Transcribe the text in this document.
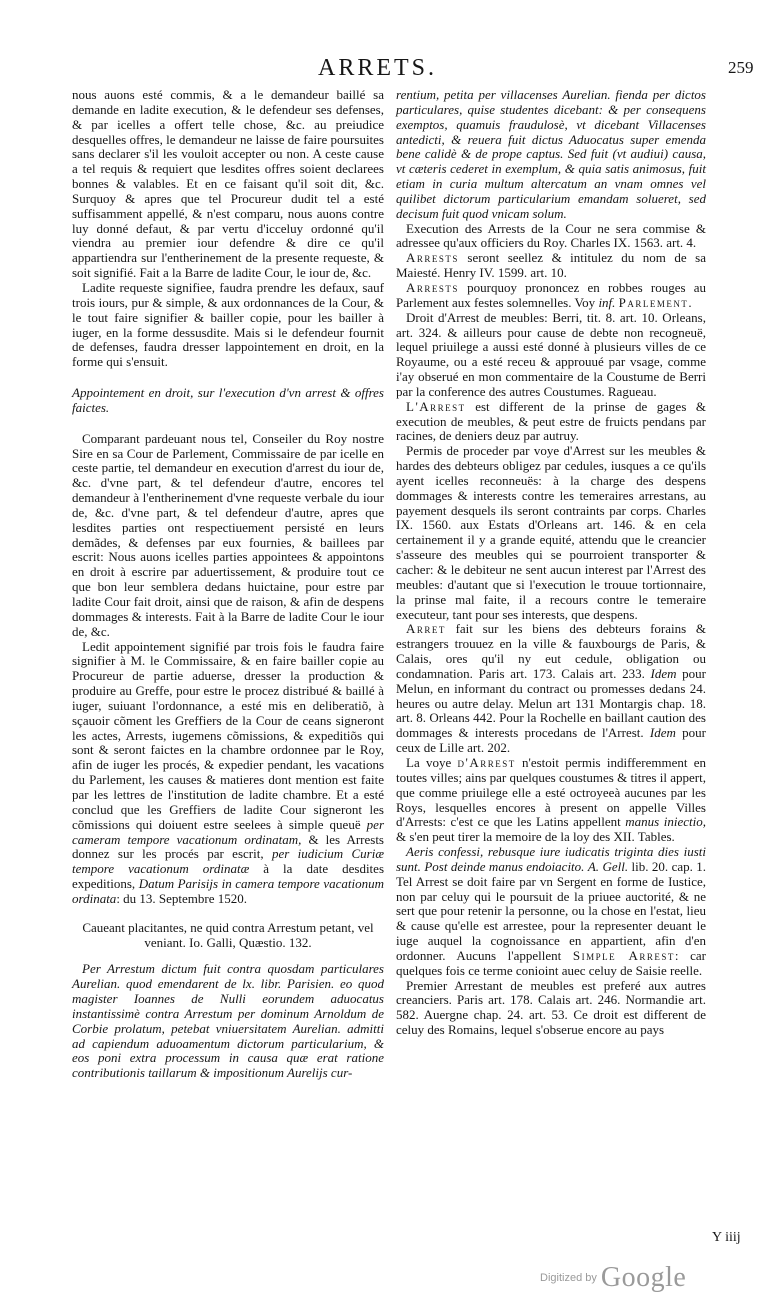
ARRETS.	259

nous auons esté commis, & a le demandeur baillé sa demande en ladite execution, & le defendeur ses defenses, & par icelles a offert telle chose, &c. au preiudice desquelles offres, le demandeur ne laisse de faire poursuites sans declarer s'il les vouloit accepter ou non. A ceste cause a tel requis & requiert que lesdites offres soient declarees bonnes & valables. Et en ce faisant qu'il soit dit, &c. Surquoy & apres que tel Procureur dudit tel a esté suffisamment appellé, & n'est comparu, nous auons contre luy donné defaut, & par vertu d'icceluy ordonné qu'il viendra au premier iour defendre & dire ce qu'il appartiendra sur l'entherinement de la presente requeste, & soit signifié. Fait a la Barre de ladite Cour, le iour de, &c.

Ladite requeste signifiee, faudra prendre les defaux, sauf trois iours, pur & simple, & aux ordonnances de la Cour, & le tout faire signifier & bailler copie, pour les bailler à iuger, en la forme dessusdite. Mais si le defendeur fournit de defenses, faudra dresser lappointement en droit, en la forme qui s'ensuit.

Appointement en droit, sur l'execution d'vn arrest & offres faictes.

Comparant pardeuant nous tel, Conseiler du Roy nostre Sire en sa Cour de Parlement, Commissaire de par icelle en ceste partie, tel demandeur en execution d'arrest du iour de, &c. d'vne part, & tel defendeur d'autre, encores tel demandeur à l'entherinement d'vne requeste verbale du iour de, &c. d'vne part, & tel defendeur d'autre, apres que lesdites parties ont respectiuement persisté en leurs demãdes, & defenses par eux fournies, & baillees par escrit: Nous auons icelles parties appointees & appointons en droit à escrire par aduertissement, & produire tout ce que bon leur semblera dedans huictaine, pour estre par ladite Cour fait droit, ainsi que de raison, & afin de despens dommages & interests. Fait à la Barre de ladite Cour le iour de, &c.

Ledit appointement signifié par trois fois le faudra faire signifier à M. le Commissaire, & en faire bailler copie au Procureur de partie aduerse, dresser la production & produire au Greffe, pour estre le procez distribué & baillé à iuger, suiuant l'ordonnance, a esté mis en deliberatiõ, à sçauoir cõment les Greffiers de la Cour de ceans signeront les actes, Arrests, iugemens cõmissions, & expeditiõs qui sont & seront faictes en la chambre ordonnee par le Roy, afin de iuger les procés, & expedier pendant, les vacations du Parlement, les causes & matieres dont mention est faite par les lettres de l'institution de ladite chambre. Et a esté conclud que les Greffiers de ladite Cour signeront les cõmissions qui doiuent estre seelees à simple queuë per cameram tempore vacationum ordinatam, & les Arrests donnez sur les procés par escrit, per iudicium Curiæ tempore vacationum ordinatæ à la date desdites expeditions, Datum Parisijs in camera tempore vacationum ordinata: du 13. Septembre 1520.

Caueant placitantes, ne quid contra Arrestum petant, vel veniant. Io. Galli, Quæstio. 132.

Per Arrestum dictum fuit contra quosdam particulares Aurelian. quod emendarent de lx. libr. Parisien. eo quod magister Ioannes de Nulli eorundem aduocatus instantissimè contra Arrestum per dominum Arnoldum de Corbie prolatum, petebat vniuersitatem Aurelian. admitti ad capiendum aduoamentum dictorum particularium, & eos poni extra processum in causa quæ erat ratione contributionis taillarum & impositionum Aurelijs cur-

rentium, petita per villacenses Aurelian. fienda per dictos particulares, quise studentes dicebant: & per consequens exemptos, quamuis fraudulosè, vt dicebant Villacenses antedicti, & reuera fuit dictus Aduocatus super emenda bene calidè & de prope captus. Sed fuit (vt audiui) causa, vt cæteris cederet in exemplum, & quia satis animosus, fuit etiam in curia multum altercatum an vnam omnes vel quilibet dictorum particularium emandam solueret, sed decisum fuit quod vnicam solum.

Execution des Arrests de la Cour ne sera commise & adressee qu'aux officiers du Roy. Charles IX. 1563. art. 4.

Arrests seront seellez & intitulez du nom de sa Maiesté. Henry IV. 1599. art. 10.

Arrests pourquoy prononcez en robbes rouges au Parlement aux festes solemnelles. Voy inf. Parlement.

Droit d'Arrest de meubles: Berri, tit. 8. art. 10. Orleans, art. 324. & ailleurs pour cause de debte non recogneuë, lequel priuilege a aussi esté donné à plusieurs villes de ce Royaume, ou a esté receu & approuué par vsage, comme i'ay obserué en mon commentaire de la Coustume de Berri par la conference des autres Coustumes. Ragueau.

L'Arrest est different de la prinse de gages & execution de meubles, & peut estre de fruicts pendans par racines, de deniers deuz par autruy.

Permis de proceder par voye d'Arrest sur les meubles & hardes des debteurs obligez par cedules, iusques a ce qu'ils ayent icelles reconneuës: à la charge des despens dommages & interests contre les temeraires arrestans, au payement desquels ils seront contraints par corps. Charles IX. 1560. aux Estats d'Orleans art. 146. & en cela certainement il y a grande equité, attendu que le creancier s'asseure des meubles qui se pourroient transporter & cacher: & le debiteur ne sent aucun interest par l'Arrest des meubles: d'autant que si l'execution le trouue tortionnaire, la prinse mal faite, il a recours contre le temeraire executeur, tant pour ses interests, que despens.

Arret fait sur les biens des debteurs forains & estrangers trouuez en la ville & fauxbourgs de Paris, & Calais, ores qu'il ny eut cedule, obligation ou condamnation. Paris art. 173. Calais art. 233. Idem pour Melun, en informant du contract ou promesses dedans 24. heures ou autre delay. Melun art 131 Montargis chap. 18. art. 8. Orleans 442. Pour la Rochelle en baillant caution des dommages & interests procedans de l'Arrest. Idem pour ceux de Lille art. 202.

La voye d'Arrest n'estoit permis indifferemment en toutes villes; ains par quelques coustumes & titres il appert, que comme priuilege elle a esté octroyeeà aucunes par les Roys, lesquelles encores à present on appelle Villes d'Arrests: c'est ce que les Latins appellent manus iniectio, & s'en peut tirer la memoire de la loy des XII. Tables.

Aeris confessi, rebusque iure iudicatis triginta dies iusti sunt. Post deinde manus endoiacito. A. Gell. lib. 20. cap. 1. Tel Arrest se doit faire par vn Sergent en forme de Iustice, non par celuy qui le poursuit de la priuee auctorité, & ne sert que pour retenir la personne, ou la chose en l'estat, lieu & cause qu'elle est arrestee, pour la representer deuant le iuge auquel la cognoissance en appartient, afin d'en ordonner. Aucuns l'appellent Simple Arrest: car quelques fois ce terme conioint auec celuy de Saisie reelle.

Premier Arrestant de meubles est preferé aux autres creanciers. Paris art. 178. Calais art. 246. Normandie art. 582. Auergne chap. 24. art. 53. Ce droit est different de celuy des Romains, lequel s'obserue encore au pays

Y iiij
Digitized by Google
